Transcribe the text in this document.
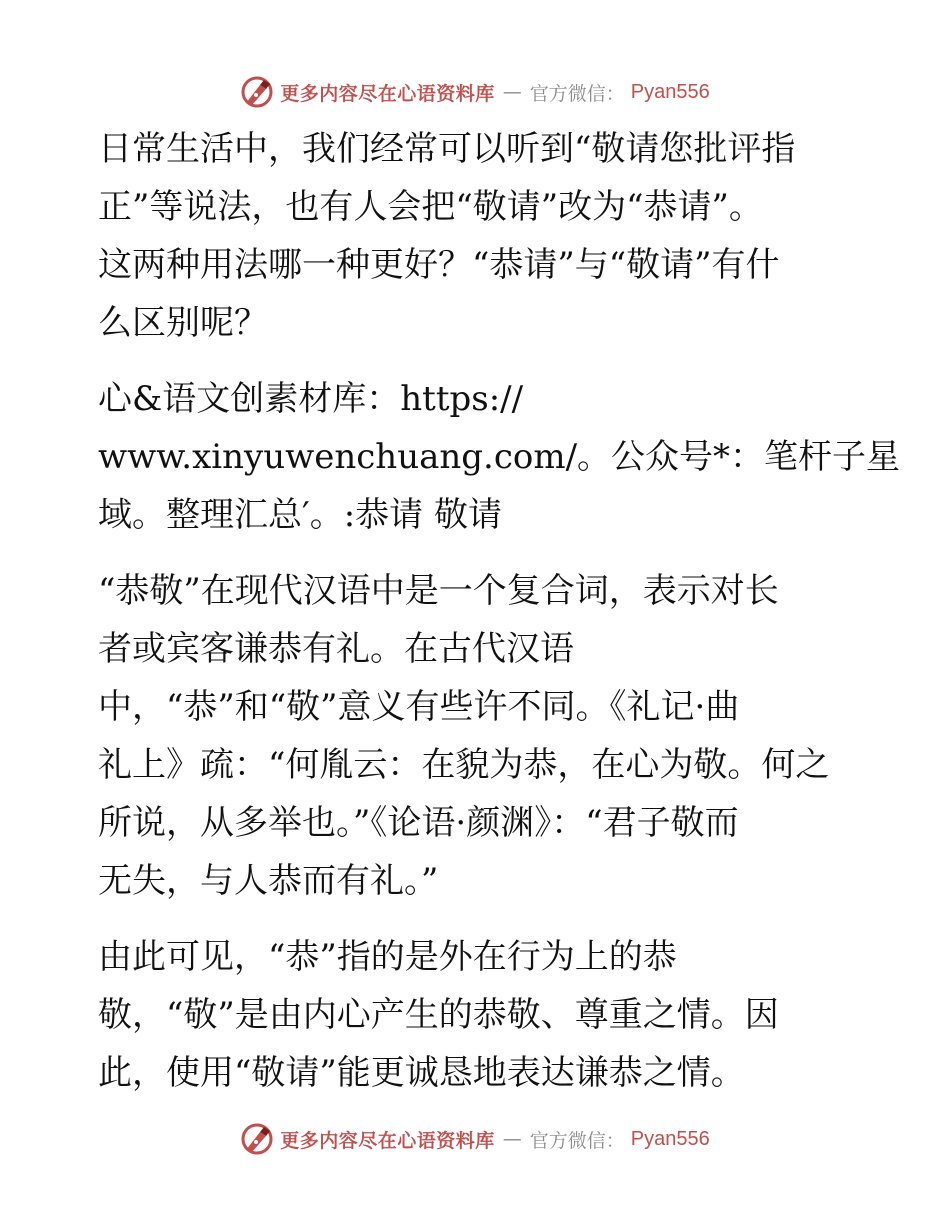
更多内容尽在心语资料库 — 官方微信： Pyan556

日常生活中，我们经常可以听到“敬请您批评指
正”等说法，也有人会把“敬请”改为“恭请”。
这两种用法哪一种更好？“恭请”与“敬请”有什
么区别呢？

心&语文创素材库：https://
www.xinyuwenchuang.com/。公众号*：笔杆子星
域。整理汇总′。:恭请 敬请

“恭敬”在现代汉语中是一个复合词，表示对长
者或宾客谦恭有礼。在古代汉语
中，“恭”和“敬”意义有些许不同。《礼记·曲
礼上》疏：“何胤云：在貌为恭，在心为敬。何之
所说，从多举也。”《论语·颜渊》：“君子敬而
无失，与人恭而有礼。”

由此可见，“恭”指的是外在行为上的恭
敬，“敬”是由内心产生的恭敬、尊重之情。因
此，使用“敬请”能更诚恳地表达谦恭之情。

更多内容尽在心语资料库 — 官方微信： Pyan556
